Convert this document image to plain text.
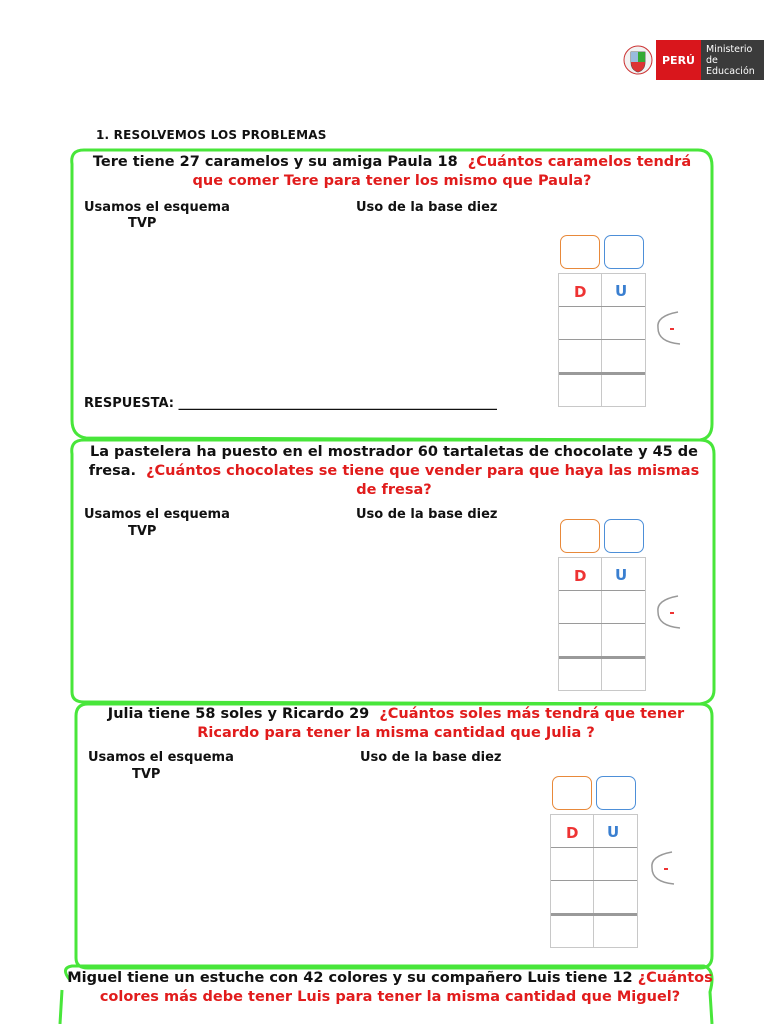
PERÚ
Ministerio
de Educación
1. RESOLVEMOS LOS PROBLEMAS
Tere tiene 27 caramelos y su amiga Paula 18 ¿Cuántos caramelos tendrá que comer Tere para tener los mismo que Paula?
Usamos el esquema
TVP
Uso de la base diez
D U
RESPUESTA: _________________________________________________
La pastelera ha puesto en el mostrador 60 tartaletas de chocolate y 45 de fresa. ¿Cuántos chocolates se tiene que vender para que haya las mismas de fresa?
Usamos el esquema
TVP
Uso de la base diez
D U
Julia tiene 58 soles y Ricardo 29 ¿Cuántos soles más tendrá que tener Ricardo para tener la misma cantidad que Julia ?
Usamos el esquema
TVP
Uso de la base diez
D U
Miguel tiene un estuche con 42 colores y su compañero Luis tiene 12 ¿Cuántos colores más debe tener Luis para tener la misma cantidad que Miguel?
